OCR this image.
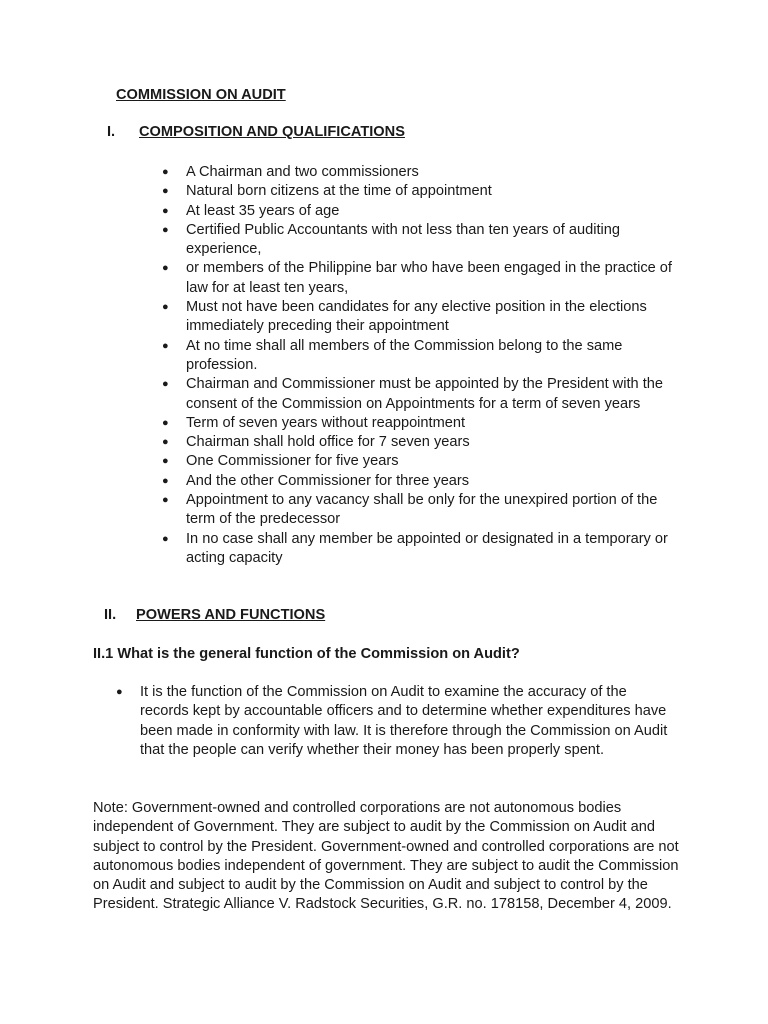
COMMISSION ON AUDIT
I. COMPOSITION AND QUALIFICATIONS
● A Chairman and two commissioners
● Natural born citizens at the time of appointment
● At least 35 years of age
● Certified Public Accountants with not less than ten years of auditing experience,
● or members of the Philippine bar who have been engaged in the practice of law for at least ten years,
● Must not have been candidates for any elective position in the elections immediately preceding their appointment
● At no time shall all members of the Commission belong to the same profession.
● Chairman and Commissioner must be appointed by the President with the consent of the Commission on Appointments for a term of seven years
● Term of seven years without reappointment
● Chairman shall hold office for 7 seven years
● One Commissioner for five years
● And the other Commissioner for three years
● Appointment to any vacancy shall be only for the unexpired portion of the term of the predecessor
● In no case shall any member be appointed or designated in a temporary or acting capacity
II. POWERS AND FUNCTIONS

II.1 What is the general function of the Commission on Audit?

● It is the function of the Commission on Audit to examine the accuracy of the records kept by accountable officers and to determine whether expenditures have been made in conformity with law. It is therefore through the Commission on Audit that the people can verify whether their money has been properly spent.

Note: Government-owned and controlled corporations are not autonomous bodies independent of Government. They are subject to audit by the Commission on Audit and subject to control by the President. Government-owned and controlled corporations are not autonomous bodies independent of government. They are subject to audit the Commission on Audit and subject to audit by the Commission on Audit and subject to control by the President. Strategic Alliance V. Radstock Securities, G.R. no. 178158, December 4, 2009.
